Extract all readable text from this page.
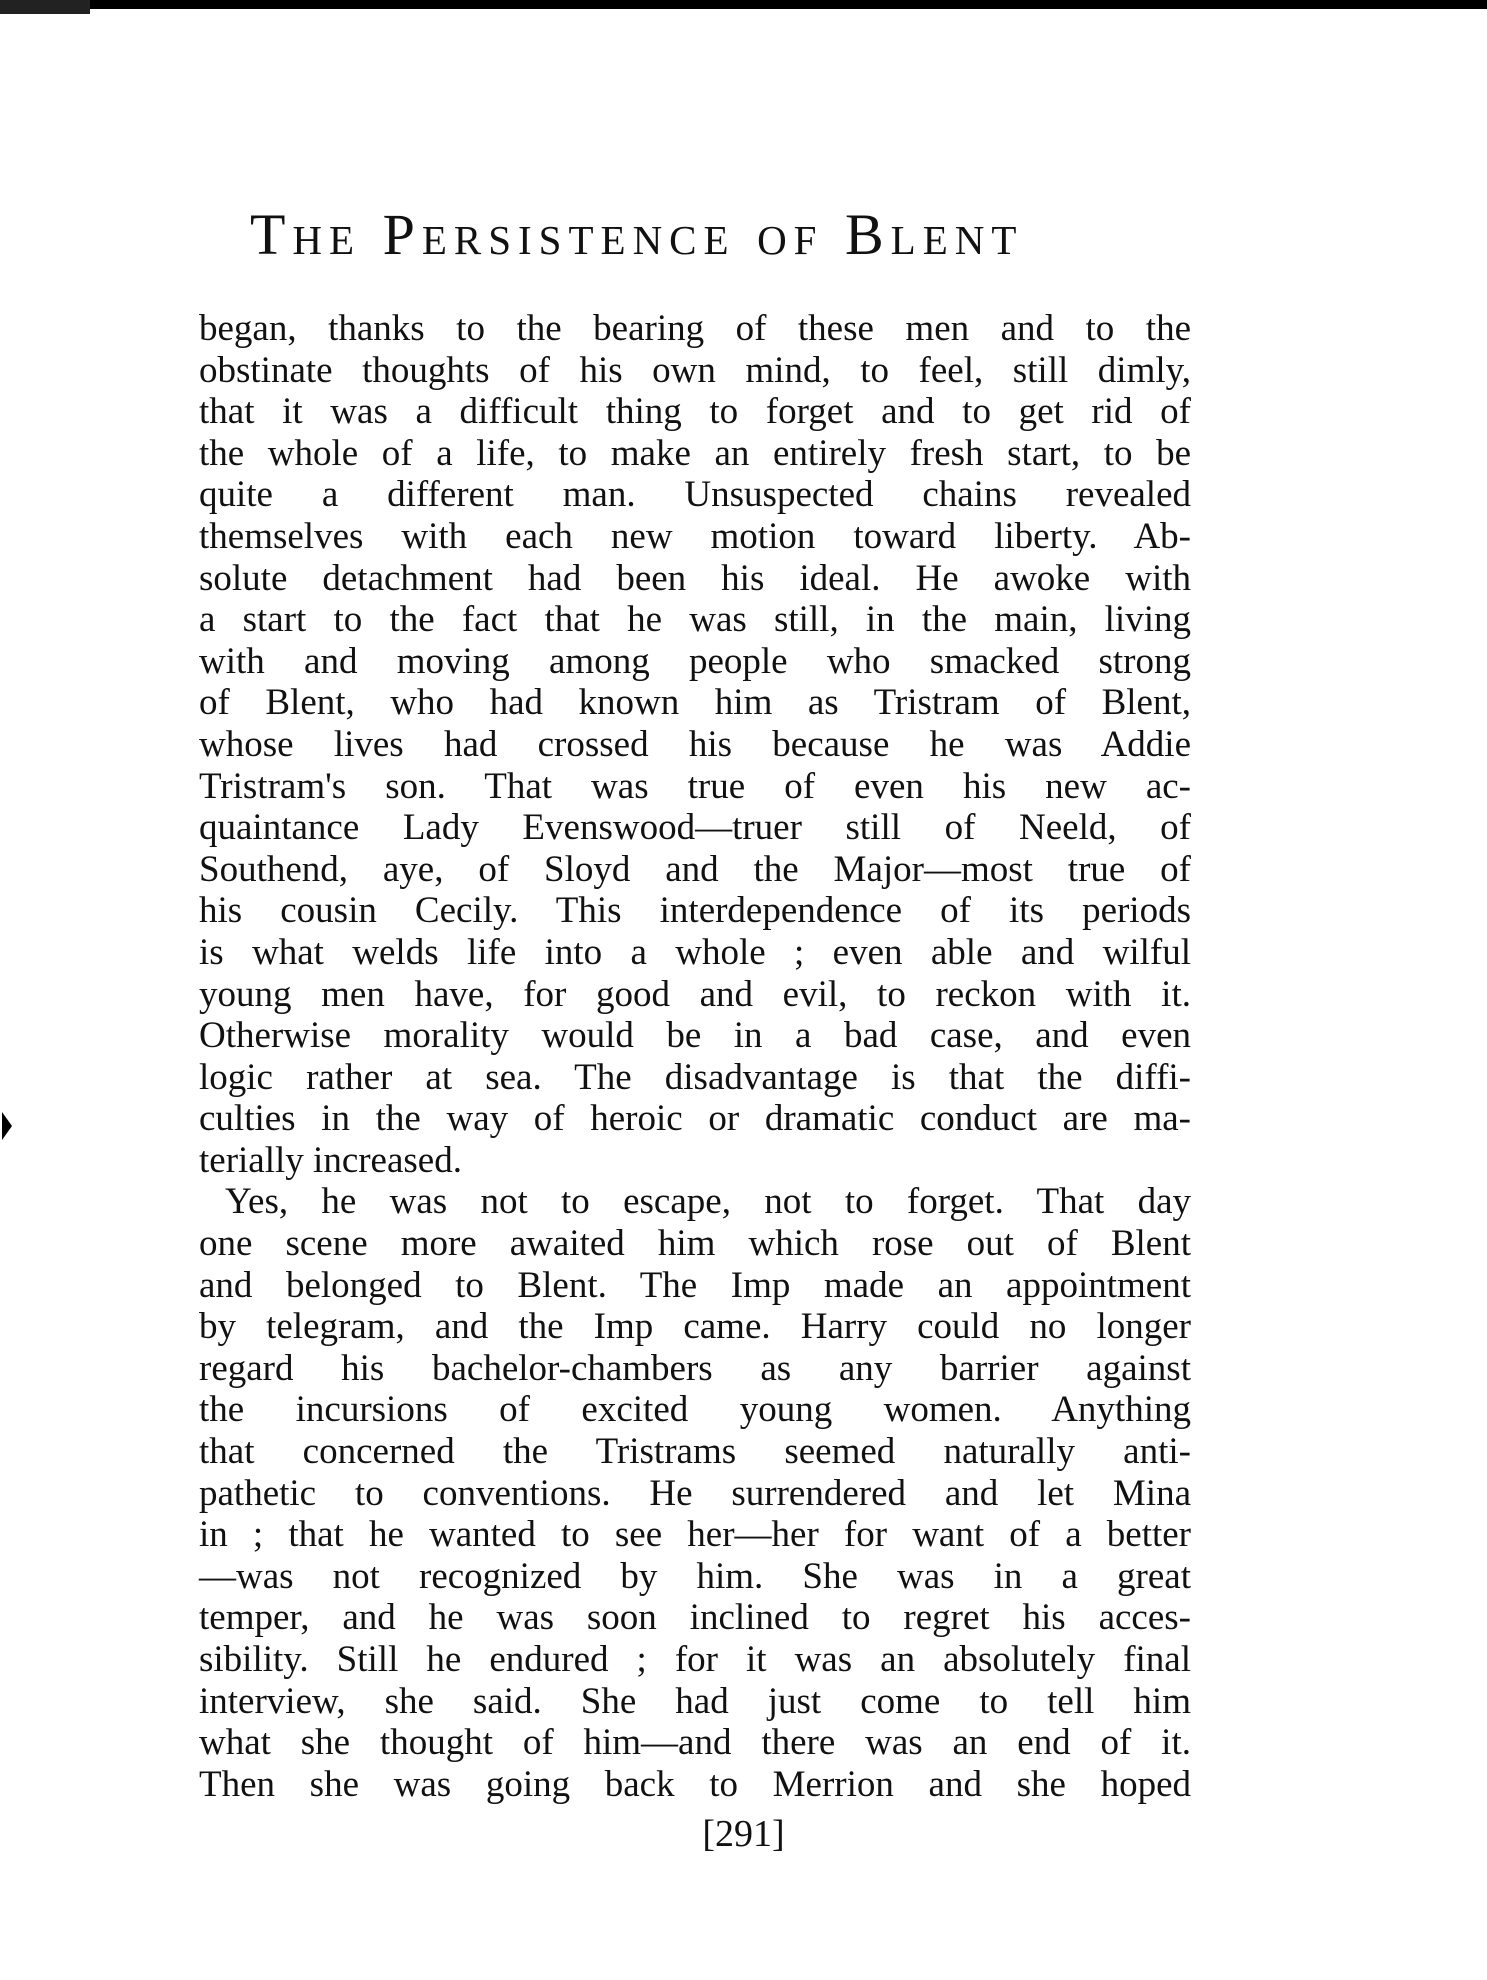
The Persistence of Blent
began, thanks to the bearing of these men and to the
obstinate thoughts of his own mind, to feel, still dimly,
that it was a difficult thing to forget and to get rid of
the whole of a life, to make an entirely fresh start, to be
quite a different man. Unsuspected chains revealed
themselves with each new motion toward liberty. Ab-
solute detachment had been his ideal. He awoke with
a start to the fact that he was still, in the main, living
with and moving among people who smacked strong
of Blent, who had known him as Tristram of Blent,
whose lives had crossed his because he was Addie
Tristram's son. That was true of even his new ac-
quaintance Lady Evenswood—truer still of Neeld, of
Southend, aye, of Sloyd and the Major—most true of
his cousin Cecily. This interdependence of its periods
is what welds life into a whole ; even able and wilful
young men have, for good and evil, to reckon with it.
Otherwise morality would be in a bad case, and even
logic rather at sea. The disadvantage is that the diffi-
culties in the way of heroic or dramatic conduct are ma-
terially increased.
Yes, he was not to escape, not to forget. That day
one scene more awaited him which rose out of Blent
and belonged to Blent. The Imp made an appointment
by telegram, and the Imp came. Harry could no longer
regard his bachelor-chambers as any barrier against
the incursions of excited young women. Anything
that concerned the Tristrams seemed naturally anti-
pathetic to conventions. He surrendered and let Mina
in ; that he wanted to see her—her for want of a better
—was not recognized by him. She was in a great
temper, and he was soon inclined to regret his acces-
sibility. Still he endured ; for it was an absolutely final
interview, she said. She had just come to tell him
what she thought of him—and there was an end of it.
Then she was going back to Merrion and she hoped
[291]
